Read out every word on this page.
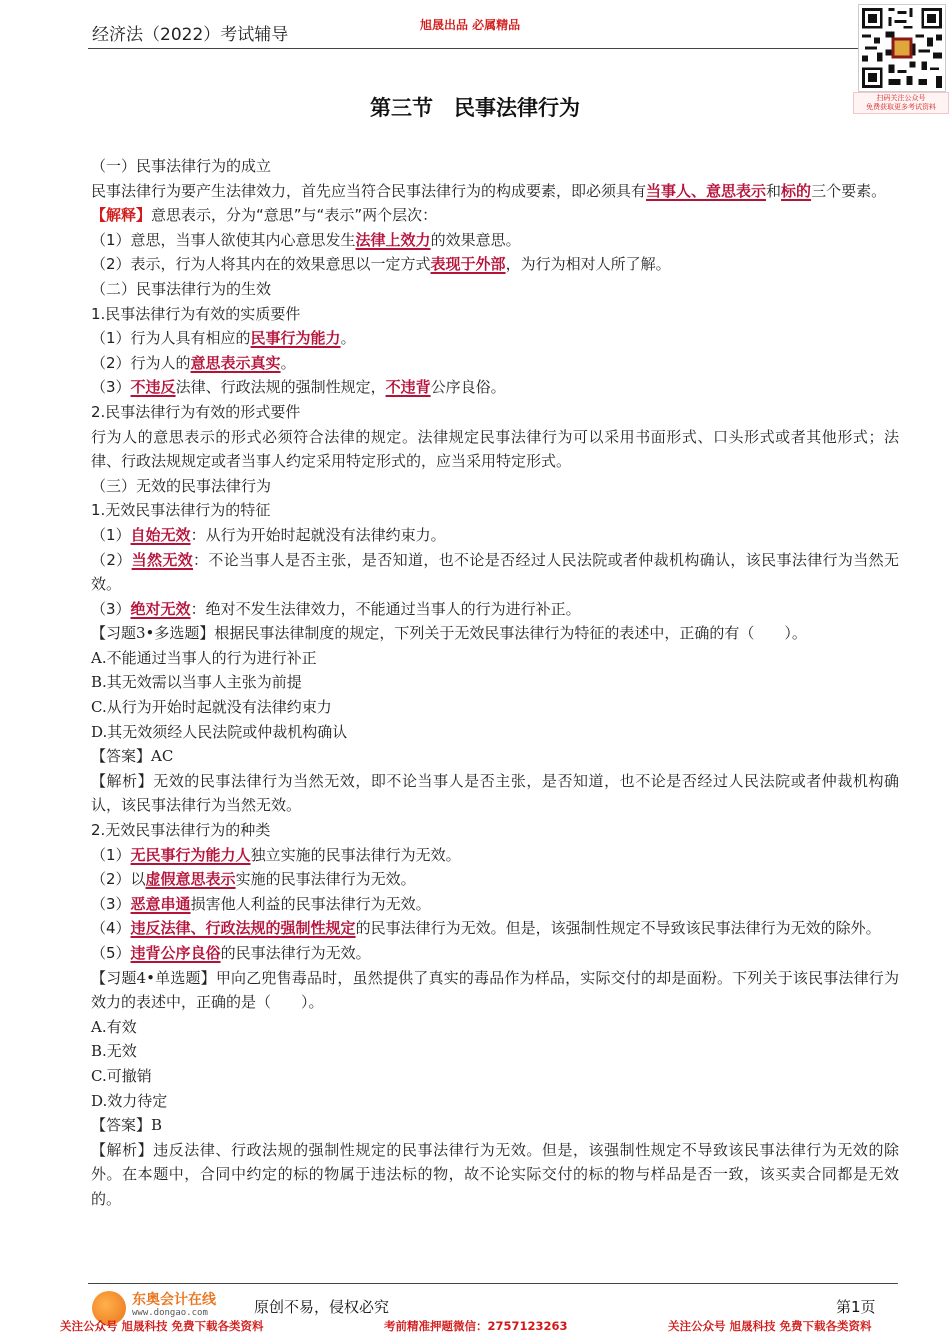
经济法（2022）考试辅导	旭晟出品 必属精品
扫码关注公众号
免费获取更多考试资料
第三节　民事法律行为

（一）民事法律行为的成立

民事法律行为要产生法律效力，首先应当符合民事法律行为的构成要素，即必须具有当事人、意思表示和标的三个要素。

【解释】意思表示，分为“意思”与“表示”两个层次：

（1）意思，当事人欲使其内心意思发生法律上效力的效果意思。

（2）表示，行为人将其内在的效果意思以一定方式表现于外部，为行为相对人所了解。

（二）民事法律行为的生效

1.民事法律行为有效的实质要件

（1）行为人具有相应的民事行为能力。

（2）行为人的意思表示真实。

（3）不违反法律、行政法规的强制性规定，不违背公序良俗。

2.民事法律行为有效的形式要件

行为人的意思表示的形式必须符合法律的规定。法律规定民事法律行为可以采用书面形式、口头形式或者其他形式；法律、行政法规规定或者当事人约定采用特定形式的，应当采用特定形式。

（三）无效的民事法律行为

1.无效民事法律行为的特征

（1）自始无效：从行为开始时起就没有法律约束力。

（2）当然无效：不论当事人是否主张，是否知道，也不论是否经过人民法院或者仲裁机构确认，该民事法律行为当然无效。

（3）绝对无效：绝对不发生法律效力，不能通过当事人的行为进行补正。

【习题3•多选题】根据民事法律制度的规定，下列关于无效民事法律行为特征的表述中，正确的有（　　）。

A.不能通过当事人的行为进行补正

B.其无效需以当事人主张为前提

C.从行为开始时起就没有法律约束力

D.其无效须经人民法院或仲裁机构确认

【答案】AC

【解析】无效的民事法律行为当然无效，即不论当事人是否主张，是否知道，也不论是否经过人民法院或者仲裁机构确认，该民事法律行为当然无效。

2.无效民事法律行为的种类

（1）无民事行为能力人独立实施的民事法律行为无效。

（2）以虚假意思表示实施的民事法律行为无效。

（3）恶意串通损害他人利益的民事法律行为无效。

（4）违反法律、行政法规的强制性规定的民事法律行为无效。但是，该强制性规定不导致该民事法律行为无效的除外。

（5）违背公序良俗的民事法律行为无效。

【习题4•单选题】甲向乙兜售毒品时，虽然提供了真实的毒品作为样品，实际交付的却是面粉。下列关于该民事法律行为效力的表述中，正确的是（　　）。

A.有效

B.无效

C.可撤销

D.效力待定

【答案】B

【解析】违反法律、行政法规的强制性规定的民事法律行为无效。但是，该强制性规定不导致该民事法律行为无效的除外。在本题中，合同中约定的标的物属于违法标的物，故不论实际交付的标的物与样品是否一致，该买卖合同都是无效的。

东奥会计在线
www.dongao.com	原创不易，侵权必究	第1页
关注公众号 旭晟科技 免费下载各类资料	考前精准押题微信：2757123263	关注公众号 旭晟科技 免费下载各类资料
